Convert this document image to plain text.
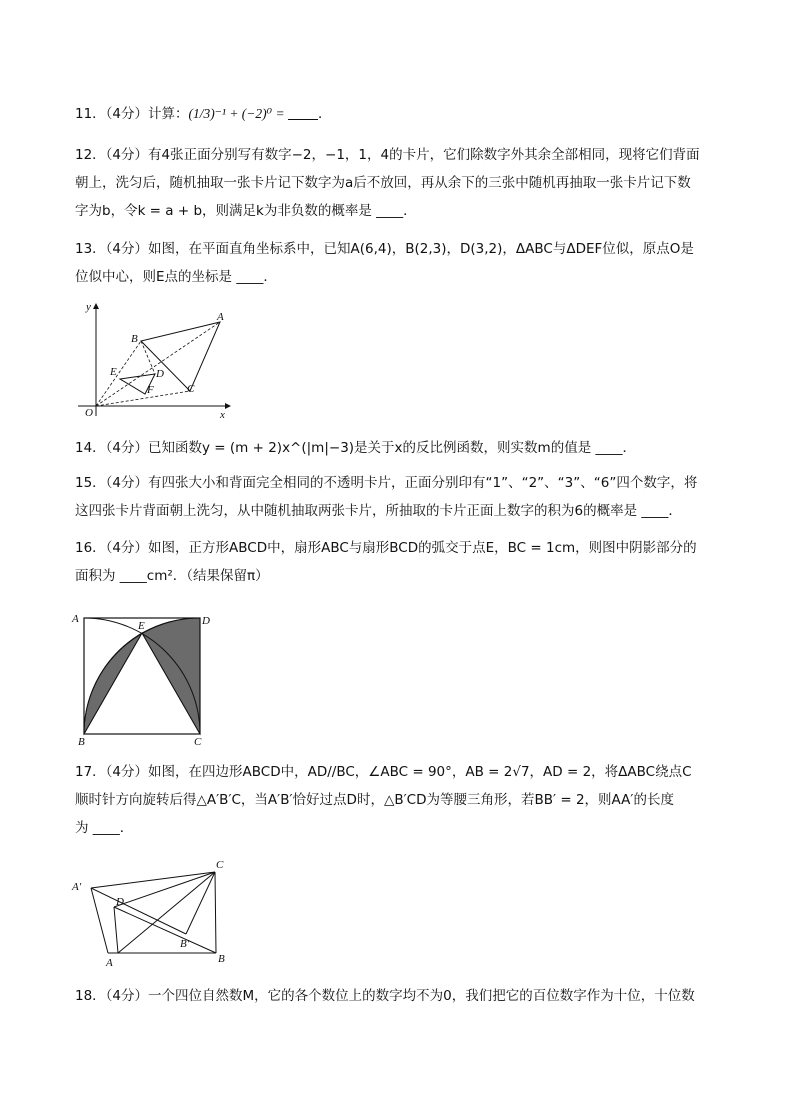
11．（4分）计算：(1/3)⁻¹ + (−2)⁰ = ．

12．（4分）有4张正面分别写有数字−2，−1，1，4的卡片，它们除数字外其余全部相同，现将它们背面
朝上，洗匀后，随机抽取一张卡片记下数字为a后不放回，再从余下的三张中随机再抽取一张卡片记下数
字为b，令k = a + b，则满足k为非负数的概率是 ____．

13．（4分）如图，在平面直角坐标系中，已知A(6,4)，B(2,3)，D(3,2)，ΔABC与ΔDEF位似，原点O是
位似中心，则E点的坐标是 ____．

y
x
O
A
B
C
D
E
F

14．（4分）已知函数y = (m + 2)x^(|m|−3)是关于x的反比例函数，则实数m的值是 ____．

15．（4分）有四张大小和背面完全相同的不透明卡片，正面分别印有“1”、“2”、“3”、“6”四个数字，将
这四张卡片背面朝上洗匀，从中随机抽取两张卡片，所抽取的卡片正面上数字的积为6的概率是 ____．

16．（4分）如图，正方形ABCD中，扇形ABC与扇形BCD的弧交于点E，BC = 1cm，则图中阴影部分的
面积为 ____cm²．（结果保留π）

A	D
E
B	C

17．（4分）如图，在四边形ABCD中，AD//BC，∠ABC = 90°，AB = 2√7，AD = 2，将ΔABC绕点C
顺时针方向旋转后得△A′B′C，当A′B′恰好过点D时，△B′CD为等腰三角形，若BB′ = 2，则AA′的长度
为 ____．

A′
D
C
B′
A	B

18．（4分）一个四位自然数M，它的各个数位上的数字均不为0，我们把它的百位数字作为十位，十位数
